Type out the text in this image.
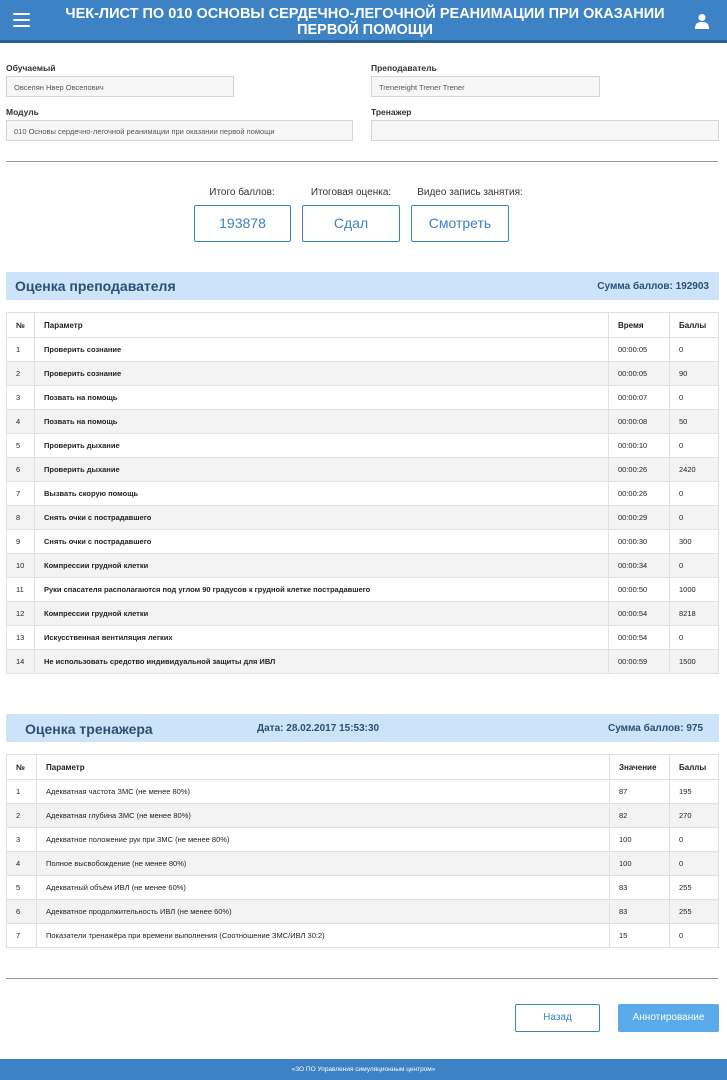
ЧЕК-ЛИСТ ПО 010 ОСНОВЫ СЕРДЕЧНО-ЛЕГОЧНОЙ РЕАНИМАЦИИ ПРИ ОКАЗАНИИ ПЕРВОЙ ПОМОЩИ
Обучаемый
Овсепян Нвер Овсепович
Преподаватель
Trenereight Trener Trener
Модуль
010 Основы сердечно-легочной реанимации при оказании первой помощи
Тренажер
Итого баллов:
193878
Итоговая оценка:
Сдал
Видео запись занятия:
Смотреть
Оценка преподавателя	Сумма баллов: 192903
№	Параметр	Время	Баллы
1	Проверить сознание	00:00:05	0
2	Проверить сознание	00:00:05	90
3	Позвать на помощь	00:00:07	0
4	Позвать на помощь	00:00:08	50
5	Проверить дыхание	00:00:10	0
6	Проверить дыхание	00:00:26	2420
7	Вызвать скорую помощь	00:00:26	0
8	Снять очки с пострадавшего	00:00:29	0
9	Снять очки с пострадавшего	00:00:30	300
10	Компрессии грудной клетки	00:00:34	0
11	Руки спасателя располагаются под углом 90 градусов к грудной клетке пострадавшего	00:00:50	1000
12	Компрессии грудной клетки	00:00:54	8218
13	Искусственная вентиляция легких	00:00:54	0
14	Не использовать средство индивидуальной защиты для ИВЛ	00:00:59	1500
Оценка тренажера	Дата: 28.02.2017 15:53:30	Сумма баллов: 975
№	Параметр	Значение	Баллы
1	Адекватная частота ЗМС (не менее 80%)	87	195
2	Адекватная глубина ЗМС (не менее 80%)	82	270
3	Адекватное положение рук при ЗМС (не менее 80%)	100	0
4	Полное высвобождение (не менее 80%)	100	0
5	Адекватный объём ИВЛ (не менее 60%)	83	255
6	Адекватное продолжительность ИВЛ (не менее 60%)	83	255
7	Показатели тренажёра при времени выполнения (Соотношение ЗМС/ИВЛ 30:2)	15	0
Назад	Аннотирование
«ЗО ПО Управления симуляционным центром»
